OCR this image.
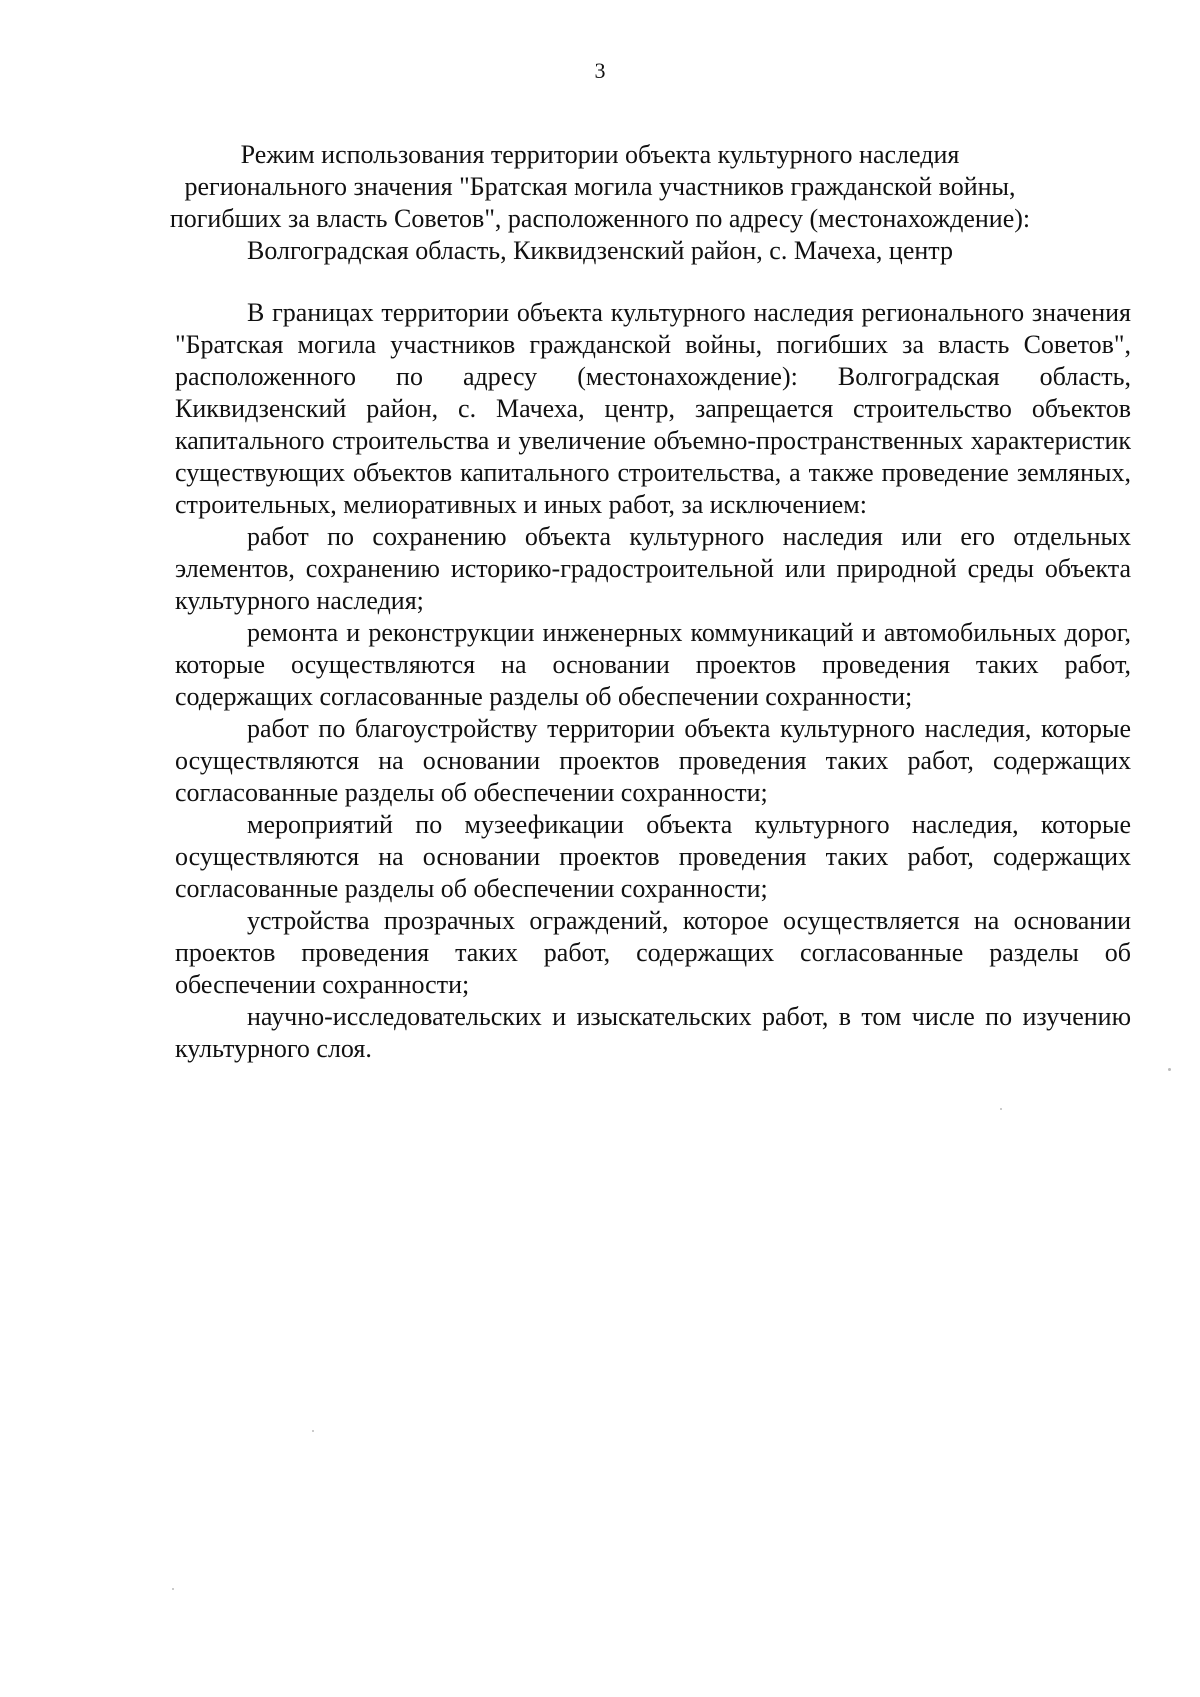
3
Режим использования территории объекта культурного наследия
регионального значения "Братская могила участников гражданской войны,
погибших за власть Советов", расположенного по адресу (местонахождение):
Волгоградская область, Киквидзенский район, с. Мачеха, центр

В границах территории объекта культурного наследия регионального значения "Братская могила участников гражданской войны, погибших за власть Советов", расположенного по адресу (местонахождение): Волгоградская область, Киквидзенский район, с. Мачеха, центр, запрещается строительство объектов капитального строительства и увеличение объемно-пространственных характеристик существующих объектов капитального строительства, а также проведение земляных, строительных, мелиоративных и иных работ, за исключением:

работ по сохранению объекта культурного наследия или его отдельных элементов, сохранению историко-градостроительной или природной среды объекта культурного наследия;

ремонта и реконструкции инженерных коммуникаций и автомобильных дорог, которые осуществляются на основании проектов проведения таких работ, содержащих согласованные разделы об обеспечении сохранности;

работ по благоустройству территории объекта культурного наследия, которые осуществляются на основании проектов проведения таких работ, содержащих согласованные разделы об обеспечении сохранности;

мероприятий по музеефикации объекта культурного наследия, которые осуществляются на основании проектов проведения таких работ, содержащих согласованные разделы об обеспечении сохранности;

устройства прозрачных ограждений, которое осуществляется на основании проектов проведения таких работ, содержащих согласованные разделы об обеспечении сохранности;

научно-исследовательских и изыскательских работ, в том числе по изучению культурного слоя.
